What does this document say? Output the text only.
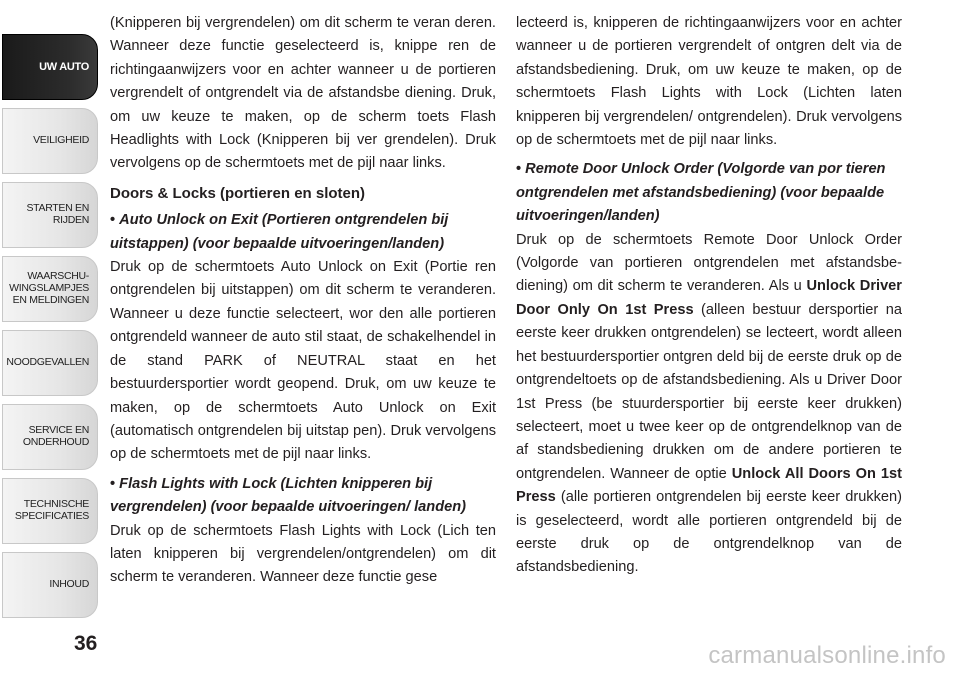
UW AUTO
VEILIGHEID
STARTEN EN
RIJDEN
WAARSCHU-
WINGSLAMPJES
EN MELDINGEN
NOODGEVALLEN
SERVICE EN
ONDERHOUD
TECHNISCHE
SPECIFICATIES
INHOUD
36

(Knipperen bij vergrendelen) om dit scherm te veran deren. Wanneer deze functie geselecteerd is, knippe ren de richtingaanwijzers voor en achter wanneer u de portieren vergrendelt of ontgrendelt via de afstandsbe diening. Druk, om uw keuze te maken, op de scherm toets Flash Headlights with Lock (Knipperen bij ver grendelen). Druk vervolgens op de schermtoets met de pijl naar links.

Doors & Locks (portieren en sloten)

• Auto Unlock on Exit (Portieren ontgrendelen bij uitstappen) (voor bepaalde uitvoeringen/landen)

Druk op de schermtoets Auto Unlock on Exit (Portie ren ontgrendelen bij uitstappen) om dit scherm te veranderen. Wanneer u deze functie selecteert, wor den alle portieren ontgrendeld wanneer de auto stil staat, de schakelhendel in de stand PARK of NEUTRAL staat en het bestuurdersportier wordt geopend. Druk, om uw keuze te maken, op de schermtoets Auto Unlock on Exit (automatisch ontgrendelen bij uitstap pen). Druk vervolgens op de schermtoets met de pijl naar links.

• Flash Lights with Lock (Lichten knipperen bij vergrendelen) (voor bepaalde uitvoeringen/ landen)

Druk op de schermtoets Flash Lights with Lock (Lich ten laten knipperen bij vergrendelen/ontgrendelen) om dit scherm te veranderen. Wanneer deze functie gese

lecteerd is, knipperen de richtingaanwijzers voor en achter wanneer u de portieren vergrendelt of ontgren delt via de afstandsbediening. Druk, om uw keuze te maken, op de schermtoets Flash Lights with Lock (Lichten laten knipperen bij vergrendelen/ ontgrendelen). Druk vervolgens op de schermtoets met de pijl naar links.

• Remote Door Unlock Order (Volgorde van por tieren ontgrendelen met afstandsbediening) (voor bepaalde uitvoeringen/landen)

Druk op de schermtoets Remote Door Unlock Order (Volgorde van portieren ontgrendelen met afstandsbe diening) om dit scherm te veranderen. Als u Unlock Driver Door Only On 1st Press (alleen bestuur dersportier na eerste keer drukken ontgrendelen) se lecteert, wordt alleen het bestuurdersportier ontgren deld bij de eerste druk op de ontgrendeltoets op de afstandsbediening. Als u Driver Door 1st Press (be stuurdersportier bij eerste keer drukken) selecteert, moet u twee keer op de ontgrendelknop van de af standsbediening drukken om de andere portieren te ontgrendelen. Wanneer de optie Unlock All Doors On 1st Press (alle portieren ontgrendelen bij eerste keer drukken) is geselecteerd, wordt alle portieren ontgrendeld bij de eerste druk op de ontgrendelknop van de afstandsbediening.

carmanualsonline.info
